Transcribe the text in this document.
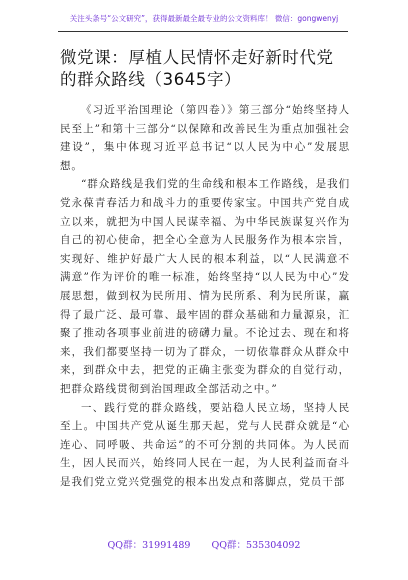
关注头条号“公文研究”，获得最新最全最专业的公文资料库！ 微信：gongwenyj
微党课：厚植人民情怀走好新时代党的群众路线（3645字）

《习近平治国理论（第四卷）》第三部分“始终坚持人民至上”和第十三部分“以保障和改善民生为重点加强社会建设”，集中体现习近平总书记“以人民为中心”发展思想。

“群众路线是我们党的生命线和根本工作路线，是我们党永葆青春活力和战斗力的重要传家宝。中国共产党自成立以来，就把为中国人民谋幸福、为中华民族谋复兴作为自己的初心使命，把全心全意为人民服务作为根本宗旨，实现好、维护好最广大人民的根本利益，以“人民满意不满意”作为评价的唯一标准，始终坚持“以人民为中心”发展思想，做到权为民所用、情为民所系、利为民所谋，赢得了最广泛、最可靠、最牢固的群众基础和力量源泉，汇聚了推动各项事业前进的磅礴力量。不论过去、现在和将来，我们都要坚持一切为了群众，一切依靠群众从群众中来，到群众中去，把党的正确主张变为群众的自觉行动，把群众路线贯彻到治国理政全部活动之中。”

一、践行党的群众路线，要站稳人民立场，坚持人民至上。中国共产党从诞生那天起，党与人民群众就是“心连心、同呼吸、共命运”的不可分割的共同体。为人民而生，因人民而兴，始终同人民在一起，为人民利益而奋斗是我们党立党兴党强党的根本出发点和落脚点，党员干部

QQ群：31991489 QQ群：535304092
